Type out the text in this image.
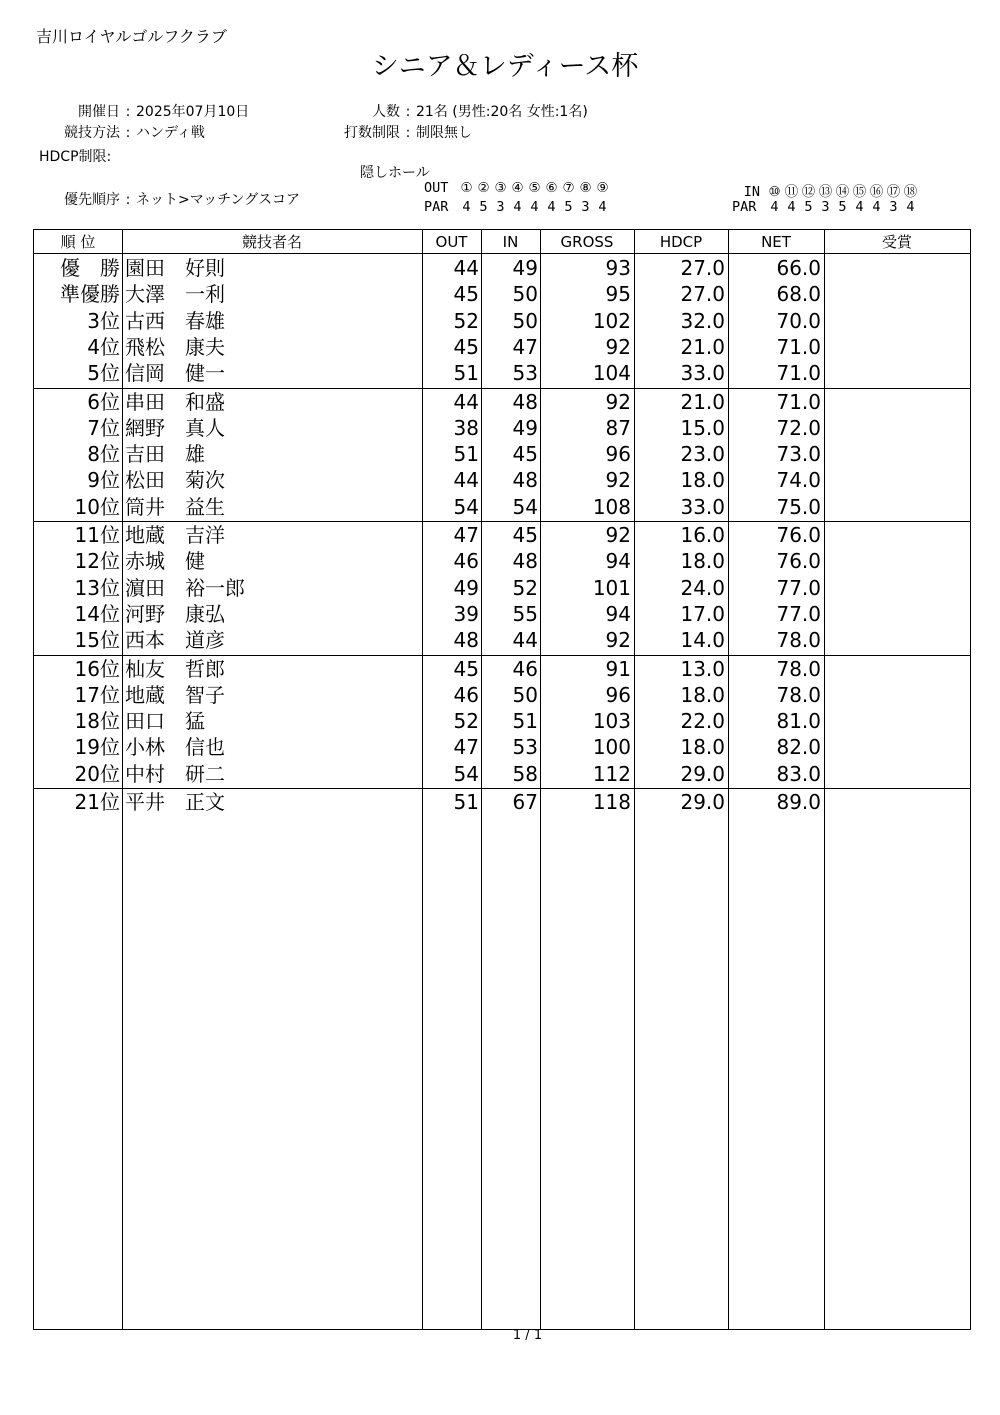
吉川ロイヤルゴルフクラブ
シニア＆レディース杯
開催日 : 2025年07月10日
競技方法 : ハンディ戦
HDCP制限:
優先順序 : ネット>マッチングスコア
人数 : 21名 (男性:20名 女性:1名)
打数制限 : 制限無し
隠しホール
OUT ① ② ③ ④ ⑤ ⑥ ⑦ ⑧ ⑨
PAR 4 5 3 4 4 4 5 3 4
IN ⑩ ⑪ ⑫ ⑬ ⑭ ⑮ ⑯ ⑰ ⑱
PAR 4 4 5 3 5 4 4 3 4
順 位	競技者名	OUT	IN	GROSS	HDCP	NET	受賞
優　勝 園田　好則	44	49	93	27.0	66.0
準優勝 大澤　一利	45	50	95	27.0	68.0
3位 古西　春雄	52	50	102	32.0	70.0
4位 飛松　康夫	45	47	92	21.0	71.0
5位 信岡　健一	51	53	104	33.0	71.0
6位 串田　和盛	44	48	92	21.0	71.0
7位 網野　真人	38	49	87	15.0	72.0
8位 吉田　雄	51	45	96	23.0	73.0
9位 松田　菊次	44	48	92	18.0	74.0
10位 筒井　益生	54	54	108	33.0	75.0
11位 地蔵　吉洋	47	45	92	16.0	76.0
12位 赤城　健	46	48	94	18.0	76.0
13位 濵田　裕一郎	49	52	101	24.0	77.0
14位 河野　康弘	39	55	94	17.0	77.0
15位 西本　道彦	48	44	92	14.0	78.0
16位 杣友　哲郎	45	46	91	13.0	78.0
17位 地蔵　智子	46	50	96	18.0	78.0
18位 田口　猛	52	51	103	22.0	81.0
19位 小林　信也	47	53	100	18.0	82.0
20位 中村　研二	54	58	112	29.0	83.0
21位 平井　正文	51	67	118	29.0	89.0
1 / 1
